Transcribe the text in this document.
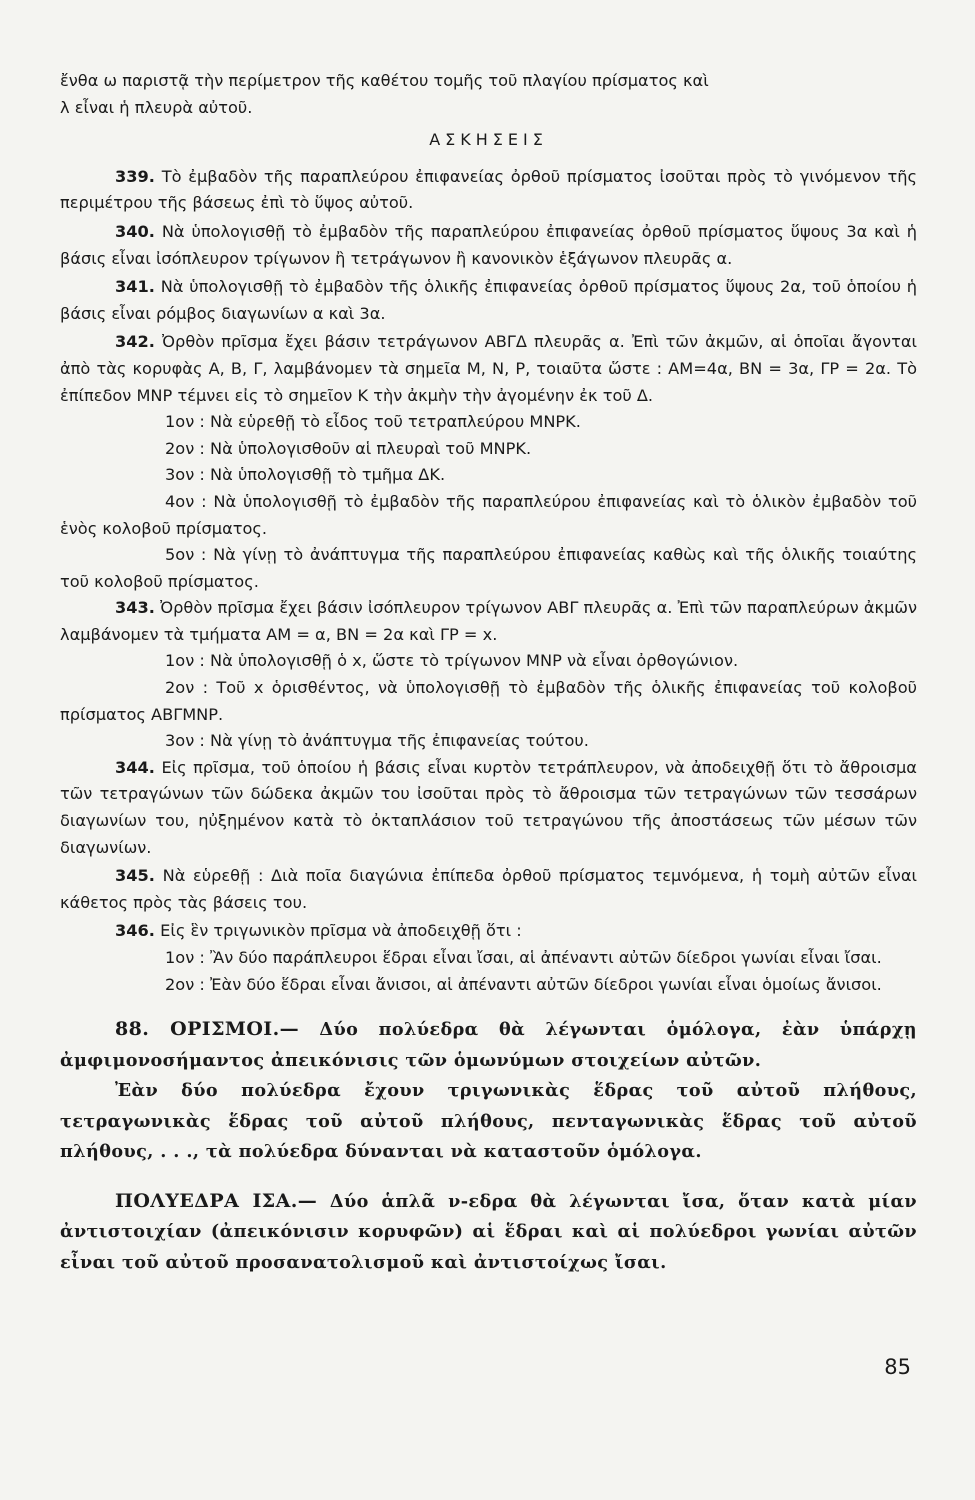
ἔνθα ω παριστᾷ τὴν περίμετρον τῆς καθέτου τομῆς τοῦ πλαγίου πρίσματος καὶ
λ εἶναι ἡ πλευρὰ αὐτοῦ.

ΑΣΚΗΣΕΙΣ

339. Τὸ ἐμβαδὸν τῆς παραπλεύρου ἐπιφανείας ὀρθοῦ πρίσματος ἰσοῦται πρὸς τὸ γινόμενον τῆς περιμέτρου τῆς βάσεως ἐπὶ τὸ ὕψος αὐτοῦ.

340. Νὰ ὑπολογισθῇ τὸ ἐμβαδὸν τῆς παραπλεύρου ἐπιφανείας ὀρθοῦ πρίσματος ὕψους 3α καὶ ἡ βάσις εἶναι ἰσόπλευρον τρίγωνον ἢ τετράγωνον ἢ κανονικὸν ἑξάγωνον πλευρᾶς α.

341. Νὰ ὑπολογισθῇ τὸ ἐμβαδὸν τῆς ὁλικῆς ἐπιφανείας ὀρθοῦ πρίσματος ὕψους 2α, τοῦ ὁποίου ἡ βάσις εἶναι ρόμβος διαγωνίων α καὶ 3α.

342. Ὀρθὸν πρῖσμα ἔχει βάσιν τετράγωνον ΑΒΓΔ πλευρᾶς α. Ἐπὶ τῶν ἀκμῶν, αἱ ὁποῖαι ἄγονται ἀπὸ τὰς κορυφὰς Α, Β, Γ, λαμβάνομεν τὰ σημεῖα Μ, Ν, Ρ, τοιαῦτα ὥστε : ΑΜ=4α, ΒΝ = 3α, ΓΡ = 2α. Τὸ ἐπίπεδον ΜΝΡ τέμνει εἰς τὸ σημεῖον Κ τὴν ἀκμὴν τὴν ἀγομένην ἐκ τοῦ Δ.

1ον : Νὰ εὑρεθῇ τὸ εἶδος τοῦ τετραπλεύρου ΜΝΡΚ.

2ον : Νὰ ὑπολογισθοῦν αἱ πλευραὶ τοῦ ΜΝΡΚ.

3ον : Νὰ ὑπολογισθῇ τὸ τμῆμα ΔΚ.

4ον : Νὰ ὑπολογισθῇ τὸ ἐμβαδὸν τῆς παραπλεύρου ἐπιφανείας καὶ τὸ ὁλικὸν ἐμβαδὸν τοῦ ἑνὸς κολοβοῦ πρίσματος.

5ον : Νὰ γίνῃ τὸ ἀνάπτυγμα τῆς παραπλεύρου ἐπιφανείας καθὼς καὶ τῆς ὁλικῆς τοιαύτης τοῦ κολοβοῦ πρίσματος.

343. Ὀρθὸν πρῖσμα ἔχει βάσιν ἰσόπλευρον τρίγωνον ΑΒΓ πλευρᾶς α. Ἐπὶ τῶν παραπλεύρων ἀκμῶν λαμβάνομεν τὰ τμήματα ΑΜ = α, ΒΝ = 2α καὶ ΓΡ = x.

1ον : Νὰ ὑπολογισθῇ ὁ x, ὥστε τὸ τρίγωνον ΜΝΡ νὰ εἶναι ὀρθογώνιον.

2ον : Τοῦ x ὁρισθέντος, νὰ ὑπολογισθῇ τὸ ἐμβαδὸν τῆς ὁλικῆς ἐπιφανείας τοῦ κολοβοῦ πρίσματος ΑΒΓΜΝΡ.

3ον : Νὰ γίνῃ τὸ ἀνάπτυγμα τῆς ἐπιφανείας τούτου.

344. Εἰς πρῖσμα, τοῦ ὁποίου ἡ βάσις εἶναι κυρτὸν τετράπλευρον, νὰ ἀποδειχθῇ ὅτι τὸ ἄθροισμα τῶν τετραγώνων τῶν δώδεκα ἀκμῶν του ἰσοῦται πρὸς τὸ ἄθροισμα τῶν τετραγώνων τῶν τεσσάρων διαγωνίων του, ηὐξημένον κατὰ τὸ ὀκταπλάσιον τοῦ τετραγώνου τῆς ἀποστάσεως τῶν μέσων τῶν διαγωνίων.

345. Νὰ εὑρεθῇ : Διὰ ποῖα διαγώνια ἐπίπεδα ὀρθοῦ πρίσματος τεμνόμενα, ἡ τομὴ αὐτῶν εἶναι κάθετος πρὸς τὰς βάσεις του.

346. Εἰς ἓν τριγωνικὸν πρῖσμα νὰ ἀποδειχθῇ ὅτι :

1ον : Ἂν δύο παράπλευροι ἕδραι εἶναι ἴσαι, αἱ ἀπέναντι αὐτῶν δίεδροι γωνίαι εἶναι ἴσαι.

2ον : Ἐὰν δύο ἕδραι εἶναι ἄνισοι, αἱ ἀπέναντι αὐτῶν δίεδροι γωνίαι εἶναι ὁμοίως ἄνισοι.

88. ΟΡΙΣΜΟΙ.— Δύο πολύεδρα θὰ λέγωνται ὁμόλογα, ἐὰν ὑπάρχῃ ἀμφιμονοσήμαντος ἀπεικόνισις τῶν ὁμωνύμων στοιχείων αὐτῶν.

Ἐὰν δύο πολύεδρα ἔχουν τριγωνικὰς ἕδρας τοῦ αὐτοῦ πλήθους, τετραγωνικὰς ἕδρας τοῦ αὐτοῦ πλήθους, πενταγωνικὰς ἕδρας τοῦ αὐτοῦ πλήθους, . . ., τὰ πολύεδρα δύνανται νὰ καταστοῦν ὁμόλογα.

ΠΟΛΥΕΔΡΑ ΙΣΑ.— Δύο ἁπλᾶ ν-εδρα θὰ λέγωνται ἴσα, ὅταν κατὰ μίαν ἀντιστοιχίαν (ἀπεικόνισιν κορυφῶν) αἱ ἕδραι καὶ αἱ πολύεδροι γωνίαι αὐτῶν εἶναι τοῦ αὐτοῦ προσανατολισμοῦ καὶ ἀντιστοίχως ἴσαι.

85
